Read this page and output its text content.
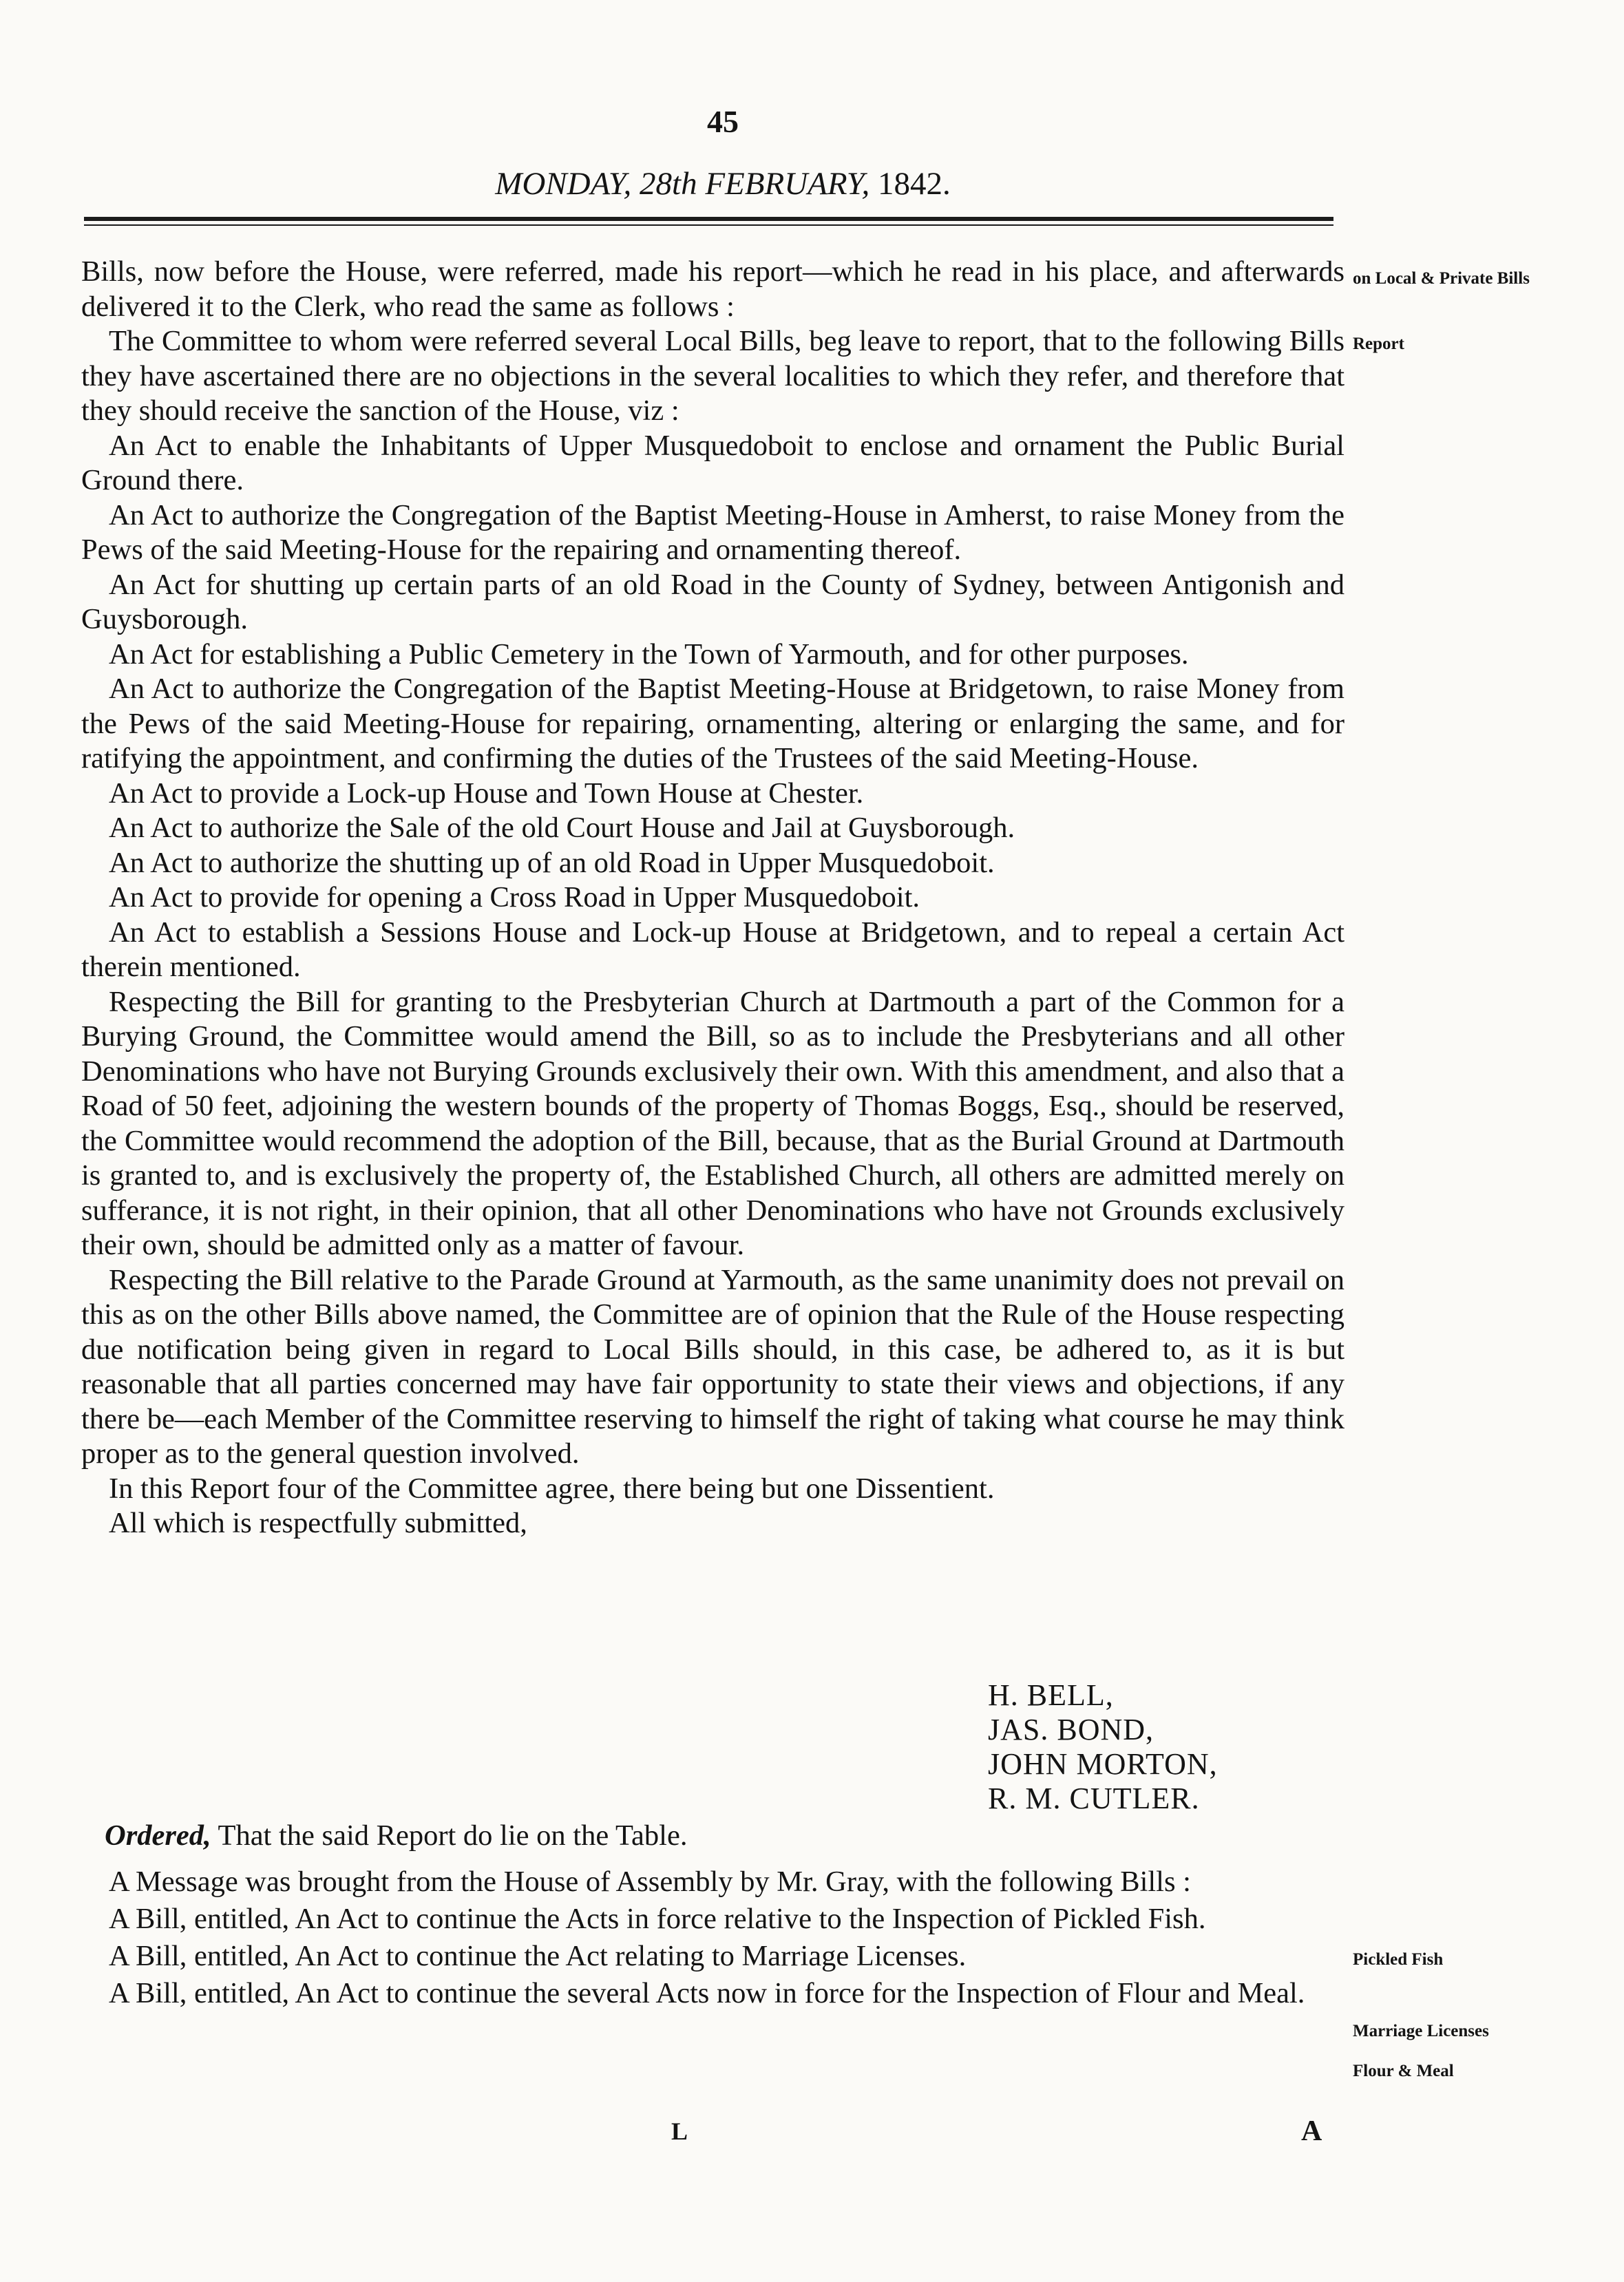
45
MONDAY, 28th FEBRUARY, 1842.

Bills, now before the House, were referred, made his report—which he read in his place, and afterwards delivered it to the Clerk, who read the same as follows :

The Committee to whom were referred several Local Bills, beg leave to report, that to the following Bills they have ascertained there are no objections in the several localities to which they refer, and therefore that they should receive the sanction of the House, viz :

An Act to enable the Inhabitants of Upper Musquedoboit to enclose and ornament the Public Burial Ground there.

An Act to authorize the Congregation of the Baptist Meeting-House in Amherst, to raise Money from the Pews of the said Meeting-House for the repairing and ornamenting thereof.

An Act for shutting up certain parts of an old Road in the County of Sydney, between Antigonish and Guysborough.

An Act for establishing a Public Cemetery in the Town of Yarmouth, and for other purposes.

An Act to authorize the Congregation of the Baptist Meeting-House at Bridgetown, to raise Money from the Pews of the said Meeting-House for repairing, ornamenting, altering or enlarging the same, and for ratifying the appointment, and confirming the duties of the Trustees of the said Meeting-House.

An Act to provide a Lock-up House and Town House at Chester.

An Act to authorize the Sale of the old Court House and Jail at Guysborough.

An Act to authorize the shutting up of an old Road in Upper Musquedoboit.

An Act to provide for opening a Cross Road in Upper Musquedoboit.

An Act to establish a Sessions House and Lock-up House at Bridgetown, and to repeal a certain Act therein mentioned.

Respecting the Bill for granting to the Presbyterian Church at Dartmouth a part of the Common for a Burying Ground, the Committee would amend the Bill, so as to include the Presbyterians and all other Denominations who have not Burying Grounds exclusively their own. With this amendment, and also that a Road of 50 feet, adjoining the western bounds of the property of Thomas Boggs, Esq., should be reserved, the Committee would recommend the adoption of the Bill, because, that as the Burial Ground at Dartmouth is granted to, and is exclusively the property of, the Established Church, all others are admitted merely on sufferance, it is not right, in their opinion, that all other Denominations who have not Grounds exclusively their own, should be admitted only as a matter of favour.

Respecting the Bill relative to the Parade Ground at Yarmouth, as the same unanimity does not prevail on this as on the other Bills above named, the Committee are of opinion that the Rule of the House respecting due notification being given in regard to Local Bills should, in this case, be adhered to, as it is but reasonable that all parties concerned may have fair opportunity to state their views and objections, if any there be—each Member of the Committee reserving to himself the right of taking what course he may think proper as to the general question involved.

In this Report four of the Committee agree, there being but one Dissentient.

All which is respectfully submitted,

H. BELL,
JAS. BOND,
JOHN MORTON,
R. M. CUTLER.
Ordered, That the said Report do lie on the Table.

A Message was brought from the House of Assembly by Mr. Gray, with the following Bills :

A Bill, entitled, An Act to continue the Acts in force relative to the Inspection of Pickled Fish.

A Bill, entitled, An Act to continue the Act relating to Marriage Licenses.

A Bill, entitled, An Act to continue the several Acts now in force for the Inspection of Flour and Meal.

on Local & Private Bills
Report
Pickled Fish
Marriage Licenses
Flour & Meal
L	A
